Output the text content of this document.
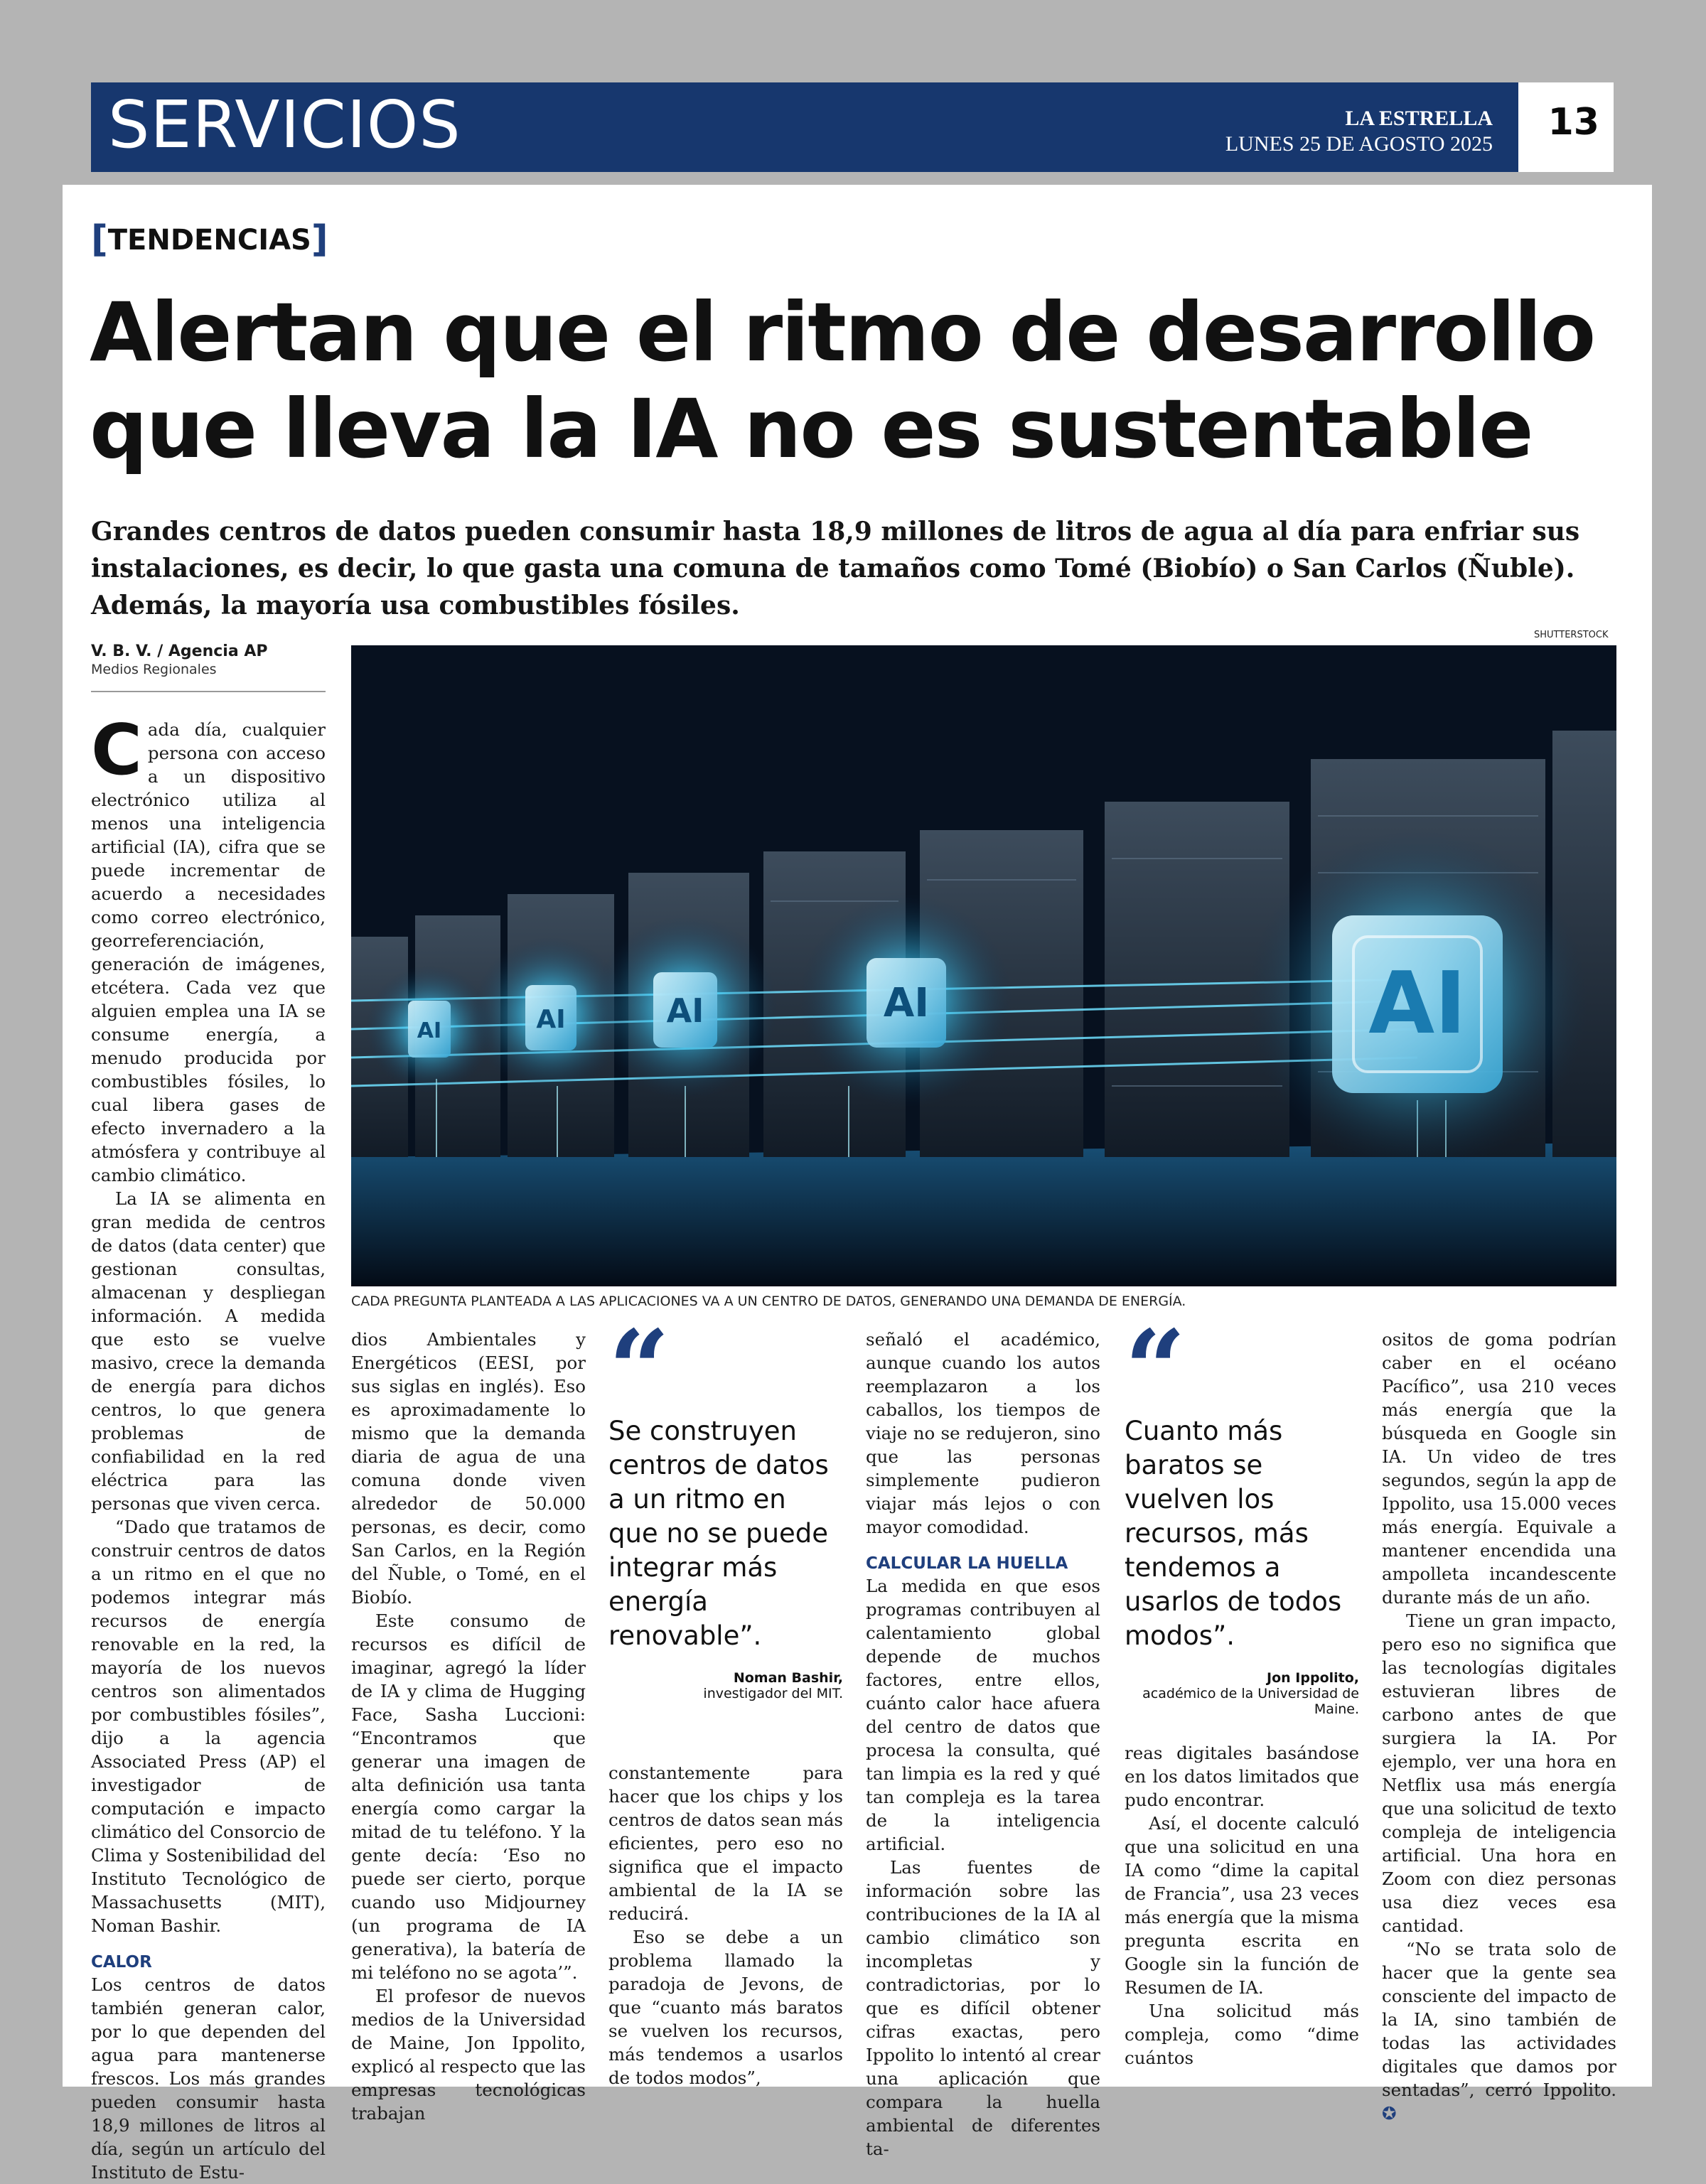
SERVICIOS	LA ESTRELLA
LUNES 25 DE AGOSTO 2025
13
[TENDENCIAS]
Alertan que el ritmo de desarrollo
que lleva la IA no es sustentable
Grandes centros de datos pueden consumir hasta 18,9 millones de litros de agua al día para enfriar sus instalaciones, es decir, lo que gasta una comuna de tamaños como Tomé (Biobío) o San Carlos (Ñuble). Además, la mayoría usa combustibles fósiles.
SHUTTERSTOCK
V. B. V. / Agencia AP
Medios Regionales

Cada día, cualquier persona con acceso a un dispositivo electrónico utiliza al menos una inteligencia artificial (IA), cifra que se puede incrementar de acuerdo a necesidades como correo electrónico, georreferenciación, generación de imágenes, etcétera. Cada vez que alguien emplea una IA se consume energía, a menudo producida por combustibles fósiles, lo cual libera gases de efecto invernadero a la atmósfera y contribuye al cambio climático.

La IA se alimenta en gran medida de centros de datos (data center) que gestionan consultas, almacenan y despliegan información. A medida que esto se vuelve masivo, crece la demanda de energía para dichos centros, lo que genera problemas de confiabilidad en la red eléctrica para las personas que viven cerca.

“Dado que tratamos de construir centros de datos a un ritmo en el que no podemos integrar más recursos de energía renovable en la red, la mayoría de los nuevos centros son alimentados por combustibles fósiles”, dijo a la agencia Associated Press (AP) el investigador de computación e impacto climático del Consorcio de Clima y Sostenibilidad del Instituto Tecnológico de Massachusetts (MIT), Noman Bashir.

CALOR

Los centros de datos también generan calor, por lo que dependen del agua para mantenerse frescos. Los más grandes pueden consumir hasta 18,9 millones de litros al día, según un artículo del Instituto de Estu-

AI	AI	AI	AI	AI
CADA PREGUNTA PLANTEADA A LAS APLICACIONES VA A UN CENTRO DE DATOS, GENERANDO UNA DEMANDA DE ENERGÍA.

dios Ambientales y Energéticos (EESI, por sus siglas en inglés). Eso es aproximadamente lo mismo que la demanda diaria de agua de una comuna donde viven alrededor de 50.000 personas, es decir, como San Carlos, en la Región del Ñuble, o Tomé, en el Biobío.

Este consumo de recursos es difícil de imaginar, agregó la líder de IA y clima de Hugging Face, Sasha Luccioni: “Encontramos que generar una imagen de alta definición usa tanta energía como cargar la mitad de tu teléfono. Y la gente decía: ‘Eso no puede ser cierto, porque cuando uso Midjourney (un programa de IA generativa), la batería de mi teléfono no se agota’”.

El profesor de nuevos medios de la Universidad de Maine, Jon Ippolito, explicó al respecto que las empresas tecnológicas trabajan

“
Se construyen centros de datos a un ritmo en que no se puede integrar más energía renovable”.
Noman Bashir,
investigador del MIT.

constantemente para hacer que los chips y los centros de datos sean más eficientes, pero eso no significa que el impacto ambiental de la IA se reducirá.

Eso se debe a un problema llamado la paradoja de Jevons, de que “cuanto más baratos se vuelven los recursos, más tendemos a usarlos de todos modos”,

señaló el académico, aunque cuando los autos reemplazaron a los caballos, los tiempos de viaje no se redujeron, sino que las personas simplemente pudieron viajar más lejos o con mayor comodidad.

CALCULAR LA HUELLA

La medida en que esos programas contribuyen al calentamiento global depende de muchos factores, entre ellos, cuánto calor hace afuera del centro de datos que procesa la consulta, qué tan limpia es la red y qué tan compleja es la tarea de la inteligencia artificial.

Las fuentes de información sobre las contribuciones de la IA al cambio climático son incompletas y contradictorias, por lo que es difícil obtener cifras exactas, pero Ippolito lo intentó al crear una aplicación que compara la huella ambiental de diferentes ta-

“
Cuanto más baratos se vuelven los recursos, más tendemos a usarlos de todos modos”.
Jon Ippolito,
académico de la Universidad de Maine.

reas digitales basándose en los datos limitados que pudo encontrar.

Así, el docente calculó que una solicitud en una IA como “dime la capital de Francia”, usa 23 veces más energía que la misma pregunta escrita en Google sin la función de Resumen de IA.

Una solicitud más compleja, como “dime cuántos

ositos de goma podrían caber en el océano Pacífico”, usa 210 veces más energía que la búsqueda en Google sin IA. Un video de tres segundos, según la app de Ippolito, usa 15.000 veces más energía. Equivale a mantener encendida una ampolleta incandescente durante más de un año.

Tiene un gran impacto, pero eso no significa que las tecnologías digitales estuvieran libres de carbono antes de que surgiera la IA. Por ejemplo, ver una hora en Netflix usa más energía que una solicitud de texto compleja de inteligencia artificial. Una hora en Zoom con diez personas usa diez veces esa cantidad.

“No se trata solo de hacer que la gente sea consciente del impacto de la IA, sino también de todas las actividades digitales que damos por sentadas”, cerró Ippolito. ✪
